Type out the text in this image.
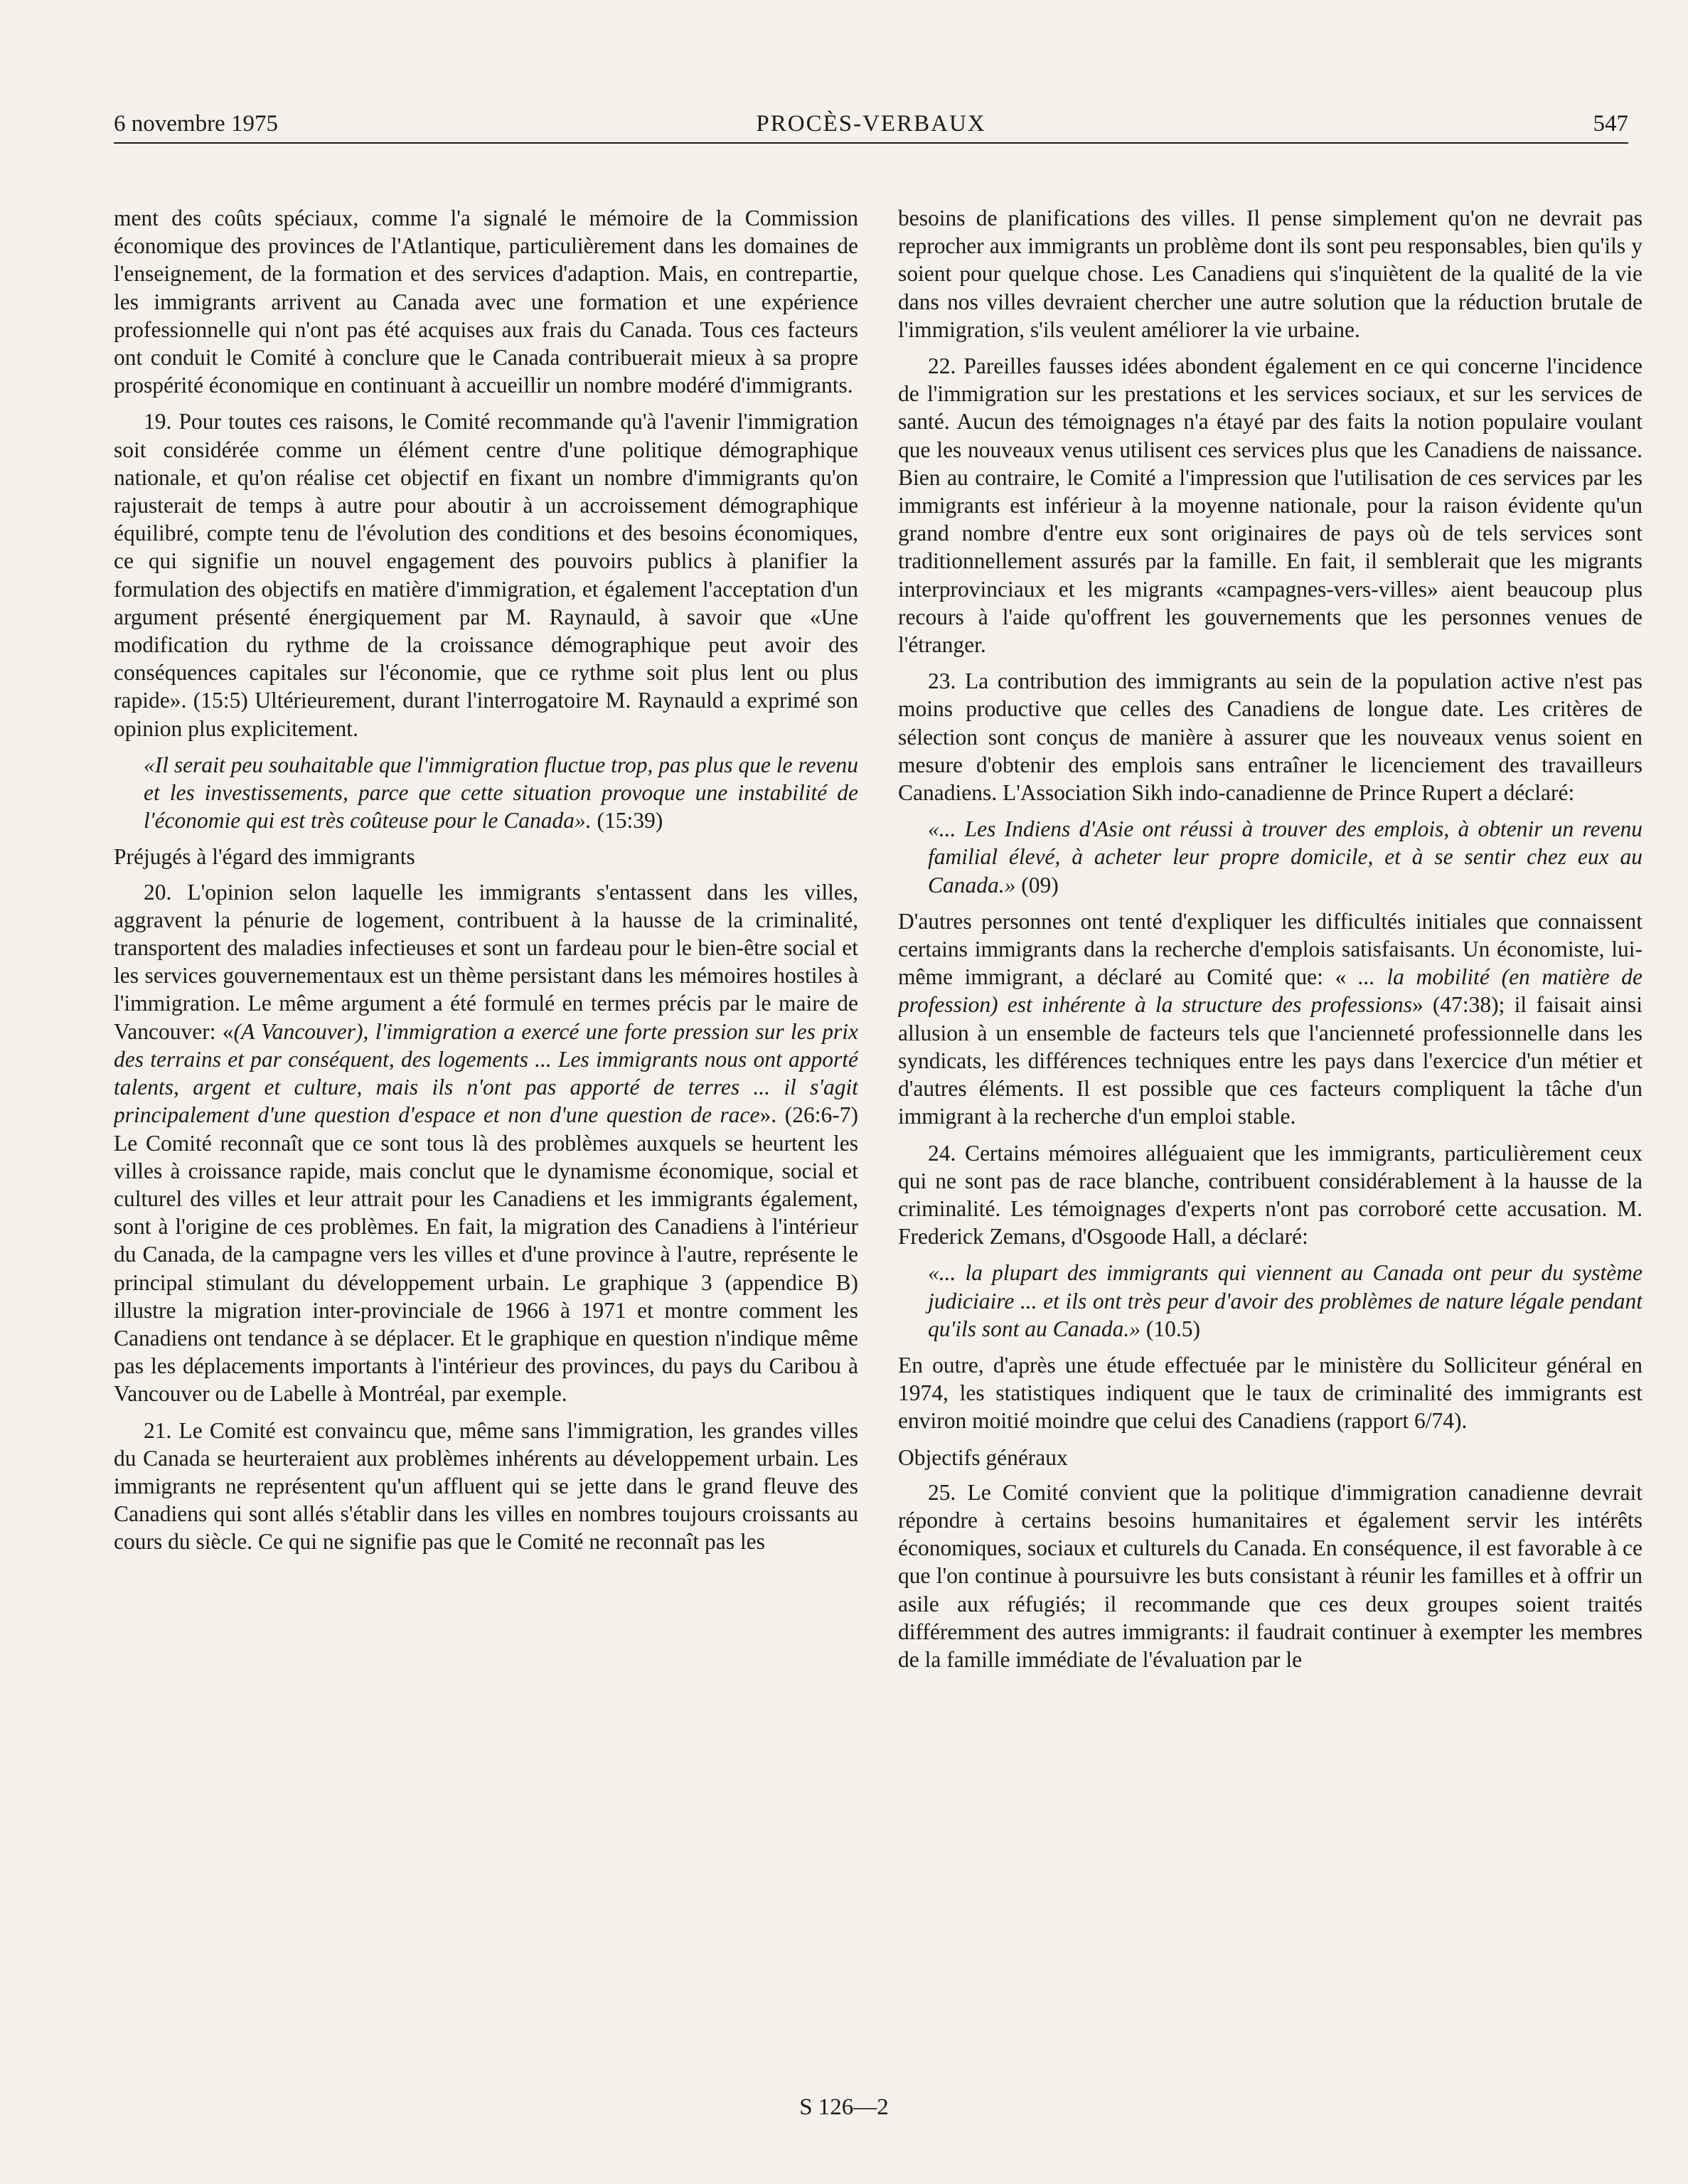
6 novembre 1975	PROCÈS-VERBAUX	547

ment des coûts spéciaux, comme l'a signalé le mémoire de la Commission économique des provinces de l'Atlantique, particulièrement dans les domaines de l'enseignement, de la formation et des services d'adaption. Mais, en contrepartie, les immigrants arrivent au Canada avec une formation et une expérience professionnelle qui n'ont pas été acquises aux frais du Canada. Tous ces facteurs ont conduit le Comité à conclure que le Canada contribuerait mieux à sa propre prospérité économique en continuant à accueillir un nombre modéré d'immigrants.

19. Pour toutes ces raisons, le Comité recommande qu'à l'avenir l'immigration soit considérée comme un élément centre d'une politique démographique nationale, et qu'on réalise cet objectif en fixant un nombre d'immigrants qu'on rajusterait de temps à autre pour aboutir à un accroissement démographique équilibré, compte tenu de l'évolution des conditions et des besoins économiques, ce qui signifie un nouvel engagement des pouvoirs publics à planifier la formulation des objectifs en matière d'immigration, et également l'acceptation d'un argument présenté énergiquement par M. Raynauld, à savoir que «Une modification du rythme de la croissance démographique peut avoir des conséquences capitales sur l'économie, que ce rythme soit plus lent ou plus rapide». (15:5) Ultérieurement, durant l'interrogatoire M. Raynauld a exprimé son opinion plus explicitement.

«Il serait peu souhaitable que l'immigration fluctue trop, pas plus que le revenu et les investissements, parce que cette situation provoque une instabilité de l'économie qui est très coûteuse pour le Canada». (15:39)

Préjugés à l'égard des immigrants

20. L'opinion selon laquelle les immigrants s'entassent dans les villes, aggravent la pénurie de logement, contribuent à la hausse de la criminalité, transportent des maladies infectieuses et sont un fardeau pour le bien-être social et les services gouvernementaux est un thème persistant dans les mémoires hostiles à l'immigration. Le même argument a été formulé en termes précis par le maire de Vancouver: «(A Vancouver), l'immigration a exercé une forte pression sur les prix des terrains et par conséquent, des logements ... Les immigrants nous ont apporté talents, argent et culture, mais ils n'ont pas apporté de terres ... il s'agit principalement d'une question d'espace et non d'une question de race». (26:6-7) Le Comité reconnaît que ce sont tous là des problèmes auxquels se heurtent les villes à croissance rapide, mais conclut que le dynamisme économique, social et culturel des villes et leur attrait pour les Canadiens et les immigrants également, sont à l'origine de ces problèmes. En fait, la migration des Canadiens à l'intérieur du Canada, de la campagne vers les villes et d'une province à l'autre, représente le principal stimulant du développement urbain. Le graphique 3 (appendice B) illustre la migration inter-provinciale de 1966 à 1971 et montre comment les Canadiens ont tendance à se déplacer. Et le graphique en question n'indique même pas les déplacements importants à l'intérieur des provinces, du pays du Caribou à Vancouver ou de Labelle à Montréal, par exemple.

21. Le Comité est convaincu que, même sans l'immigration, les grandes villes du Canada se heurteraient aux problèmes inhérents au développement urbain. Les immigrants ne représentent qu'un affluent qui se jette dans le grand fleuve des Canadiens qui sont allés s'établir dans les villes en nombres toujours croissants au cours du siècle. Ce qui ne signifie pas que le Comité ne reconnaît pas les

besoins de planifications des villes. Il pense simplement qu'on ne devrait pas reprocher aux immigrants un problème dont ils sont peu responsables, bien qu'ils y soient pour quelque chose. Les Canadiens qui s'inquiètent de la qualité de la vie dans nos villes devraient chercher une autre solution que la réduction brutale de l'immigration, s'ils veulent améliorer la vie urbaine.

22. Pareilles fausses idées abondent également en ce qui concerne l'incidence de l'immigration sur les prestations et les services sociaux, et sur les services de santé. Aucun des témoignages n'a étayé par des faits la notion populaire voulant que les nouveaux venus utilisent ces services plus que les Canadiens de naissance. Bien au contraire, le Comité a l'impression que l'utilisation de ces services par les immigrants est inférieur à la moyenne nationale, pour la raison évidente qu'un grand nombre d'entre eux sont originaires de pays où de tels services sont traditionnellement assurés par la famille. En fait, il semblerait que les migrants interprovinciaux et les migrants «campagnes-vers-villes» aient beaucoup plus recours à l'aide qu'offrent les gouvernements que les personnes venues de l'étranger.

23. La contribution des immigrants au sein de la population active n'est pas moins productive que celles des Canadiens de longue date. Les critères de sélection sont conçus de manière à assurer que les nouveaux venus soient en mesure d'obtenir des emplois sans entraîner le licenciement des travailleurs Canadiens. L'Association Sikh indo-canadienne de Prince Rupert a déclaré:

«... Les Indiens d'Asie ont réussi à trouver des emplois, à obtenir un revenu familial élevé, à acheter leur propre domicile, et à se sentir chez eux au Canada.» (09)

D'autres personnes ont tenté d'expliquer les difficultés initiales que connaissent certains immigrants dans la recherche d'emplois satisfaisants. Un économiste, lui-même immigrant, a déclaré au Comité que: « ... la mobilité (en matière de profession) est inhérente à la structure des professions» (47:38); il faisait ainsi allusion à un ensemble de facteurs tels que l'ancienneté professionnelle dans les syndicats, les différences techniques entre les pays dans l'exercice d'un métier et d'autres éléments. Il est possible que ces facteurs compliquent la tâche d'un immigrant à la recherche d'un emploi stable.

24. Certains mémoires alléguaient que les immigrants, particulièrement ceux qui ne sont pas de race blanche, contribuent considérablement à la hausse de la criminalité. Les témoignages d'experts n'ont pas corroboré cette accusation. M. Frederick Zemans, d'Osgoode Hall, a déclaré:

«... la plupart des immigrants qui viennent au Canada ont peur du système judiciaire ... et ils ont très peur d'avoir des problèmes de nature légale pendant qu'ils sont au Canada.» (10.5)

En outre, d'après une étude effectuée par le ministère du Solliciteur général en 1974, les statistiques indiquent que le taux de criminalité des immigrants est environ moitié moindre que celui des Canadiens (rapport 6/74).

Objectifs généraux

25. Le Comité convient que la politique d'immigration canadienne devrait répondre à certains besoins humanitaires et également servir les intérêts économiques, sociaux et culturels du Canada. En conséquence, il est favorable à ce que l'on continue à poursuivre les buts consistant à réunir les familles et à offrir un asile aux réfugiés; il recommande que ces deux groupes soient traités différemment des autres immigrants: il faudrait continuer à exempter les membres de la famille immédiate de l'évaluation par le

S 126—2
